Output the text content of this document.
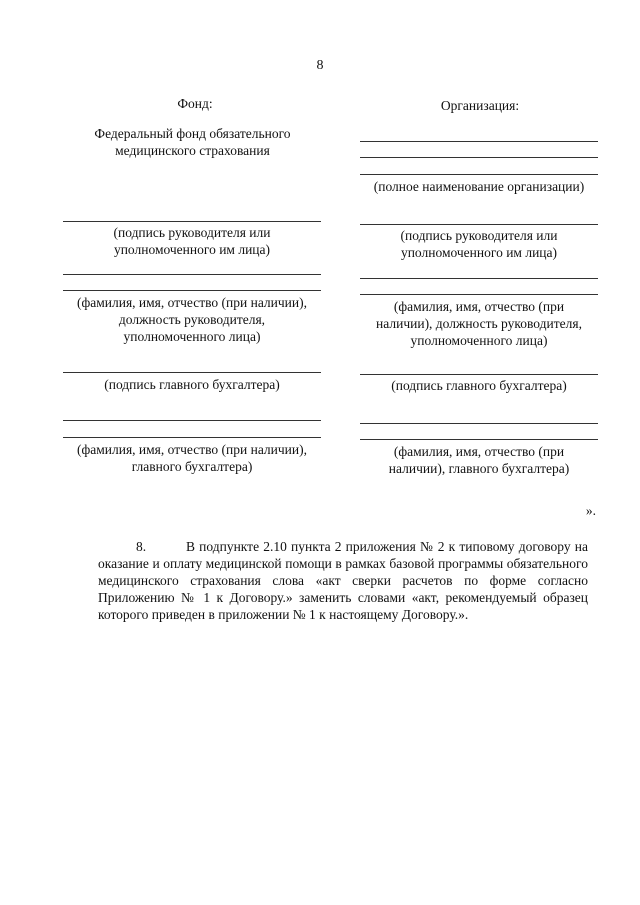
8
Фонд:
Федеральный фонд обязательного
медицинского страхования
(подпись руководителя или
уполномоченного им лица)
(фамилия, имя, отчество (при наличии),
должность руководителя,
уполномоченного лица)
(подпись главного бухгалтера)
(фамилия, имя, отчество (при наличии),
главного бухгалтера)
Организация:
(полное наименование организации)
(подпись руководителя или
уполномоченного им лица)
(фамилия, имя, отчество (при
наличии), должность руководителя,
уполномоченного лица)
(подпись главного бухгалтера)
(фамилия, имя, отчество (при
наличии), главного бухгалтера)
».
8.	В подпункте 2.10 пункта 2 приложения № 2 к типовому договору на оказание и оплату медицинской помощи в рамках базовой программы обязательного медицинского страхования слова «акт сверки расчетов по форме согласно Приложению № 1 к Договору.» заменить словами «акт, рекомендуемый образец которого приведен в приложении № 1 к настоящему Договору.».
